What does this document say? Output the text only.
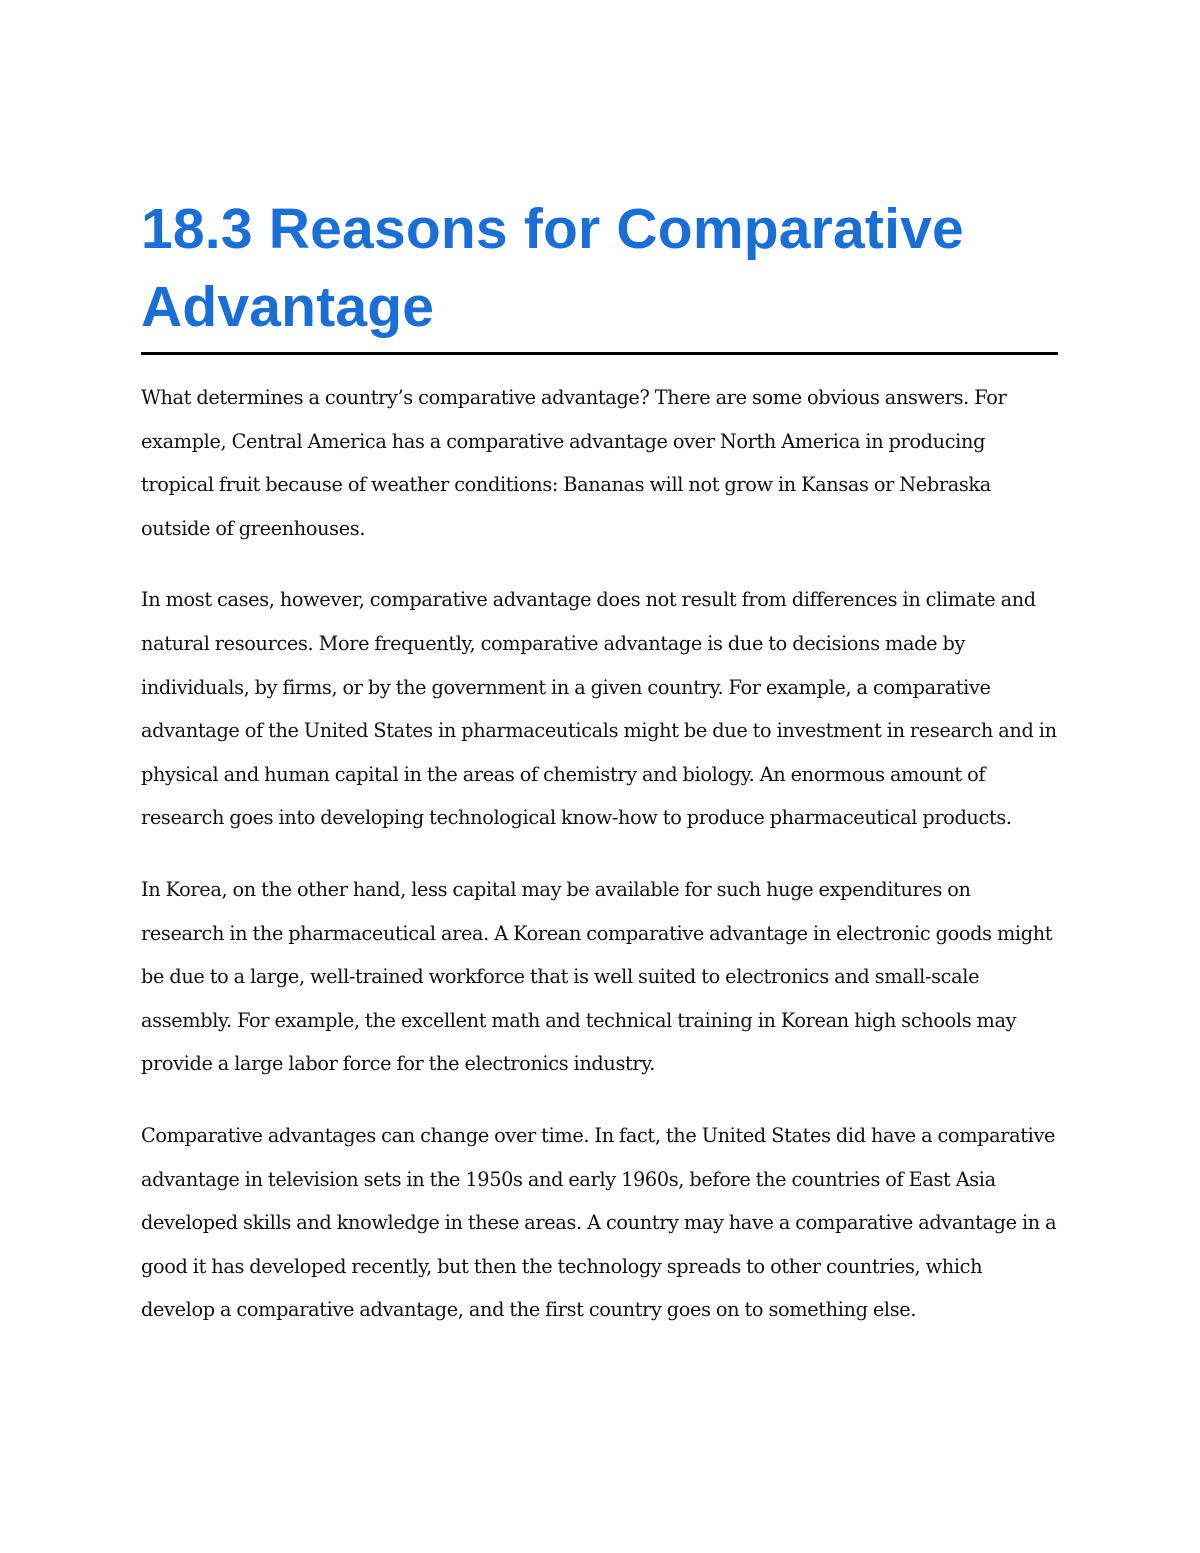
18.3 Reasons for Comparative Advantage

What determines a country’s comparative advantage? There are some obvious answers. For example, Central America has a comparative advantage over North America in producing tropical fruit because of weather conditions: Bananas will not grow in Kansas or Nebraska outside of greenhouses.

In most cases, however, comparative advantage does not result from differences in climate and natural resources. More frequently, comparative advantage is due to decisions made by individuals, by firms, or by the government in a given country. For example, a comparative advantage of the United States in pharmaceuticals might be due to investment in research and in physical and human capital in the areas of chemistry and biology. An enormous amount of research goes into developing technological know-how to produce pharmaceutical products.

In Korea, on the other hand, less capital may be available for such huge expenditures on research in the pharmaceutical area. A Korean comparative advantage in electronic goods might be due to a large, well-trained workforce that is well suited to electronics and small-scale assembly. For example, the excellent math and technical training in Korean high schools may provide a large labor force for the electronics industry.

Comparative advantages can change over time. In fact, the United States did have a comparative advantage in television sets in the 1950s and early 1960s, before the countries of East Asia developed skills and knowledge in these areas. A country may have a comparative advantage in a good it has developed recently, but then the technology spreads to other countries, which develop a comparative advantage, and the first country goes on to something else.
